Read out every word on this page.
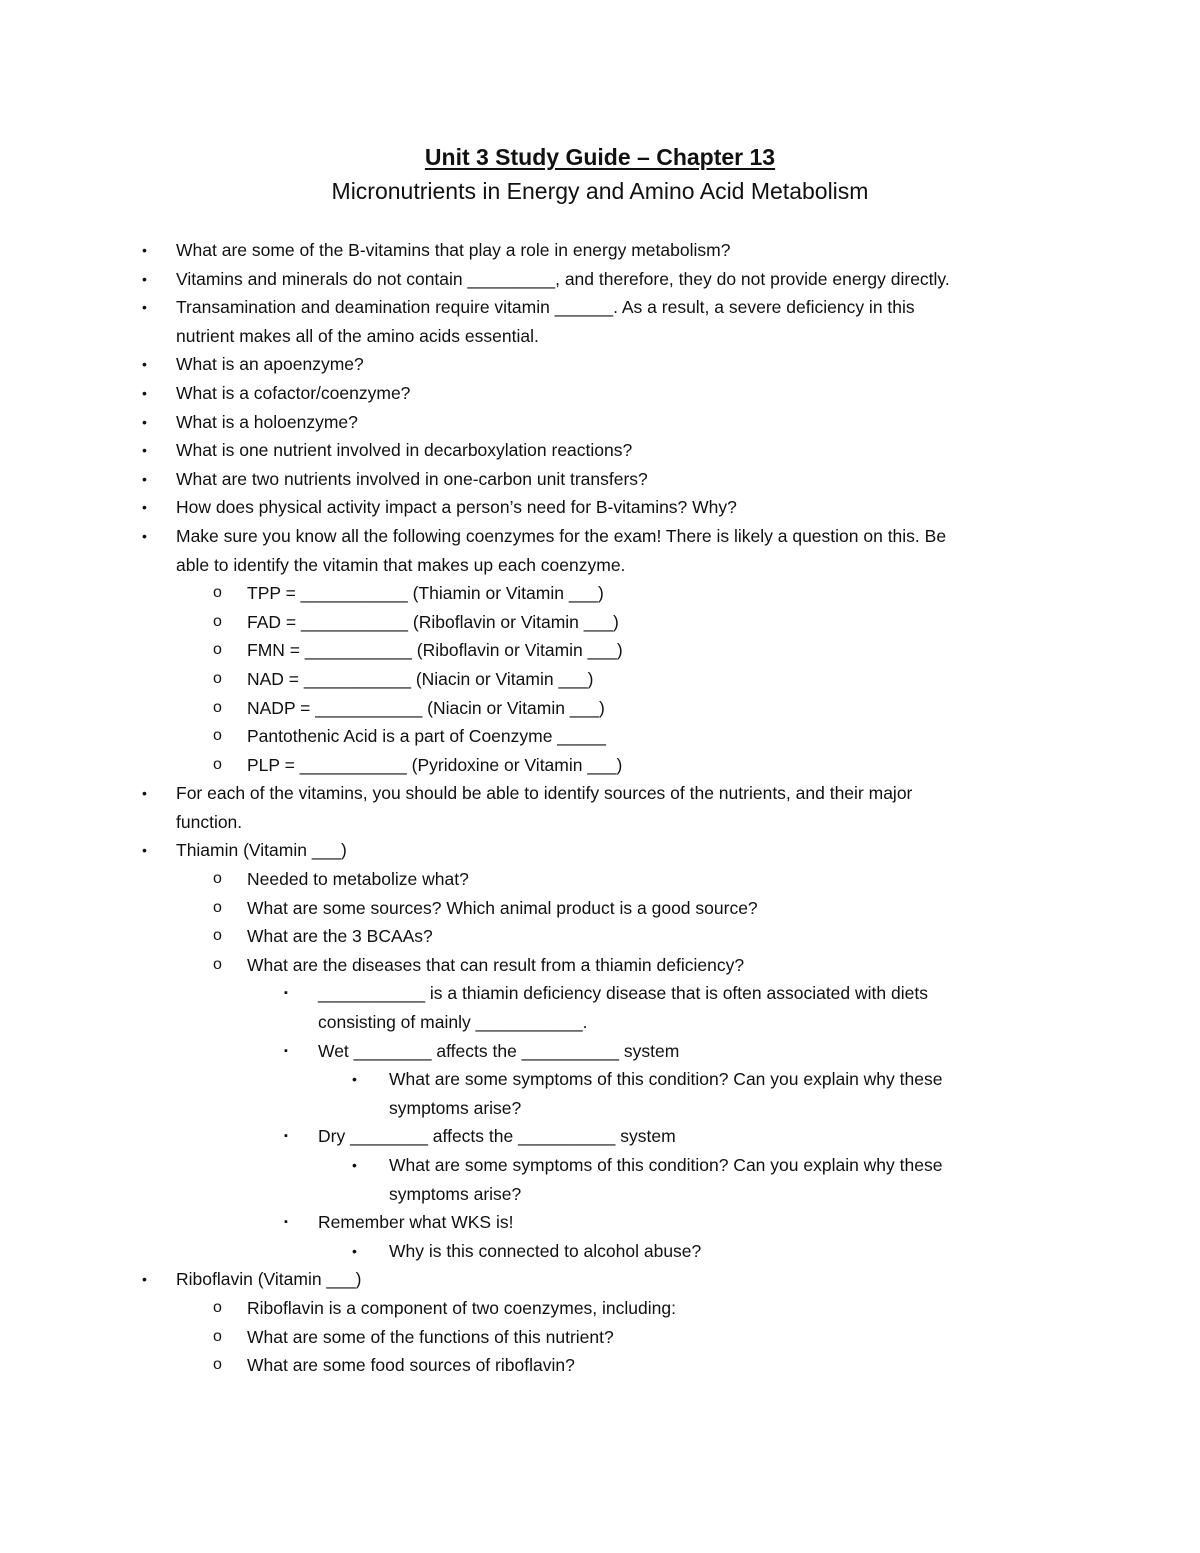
Unit 3 Study Guide – Chapter 13
Micronutrients in Energy and Amino Acid Metabolism
• What are some of the B-vitamins that play a role in energy metabolism?
• Vitamins and minerals do not contain _________, and therefore, they do not provide energy directly.
• Transamination and deamination require vitamin ______. As a result, a severe deficiency in this
nutrient makes all of the amino acids essential.
• What is an apoenzyme?
• What is a cofactor/coenzyme?
• What is a holoenzyme?
• What is one nutrient involved in decarboxylation reactions?
• What are two nutrients involved in one-carbon unit transfers?
• How does physical activity impact a person’s need for B-vitamins? Why?
• Make sure you know all the following coenzymes for the exam! There is likely a question on this. Be
able to identify the vitamin that makes up each coenzyme.
o TPP = ___________ (Thiamin or Vitamin ___)
o FAD = ___________ (Riboflavin or Vitamin ___)
o FMN = ___________ (Riboflavin or Vitamin ___)
o NAD = ___________ (Niacin or Vitamin ___)
o NADP = ___________ (Niacin or Vitamin ___)
o Pantothenic Acid is a part of Coenzyme _____
o PLP = ___________ (Pyridoxine or Vitamin ___)
• For each of the vitamins, you should be able to identify sources of the nutrients, and their major
function.
• Thiamin (Vitamin ___)
o Needed to metabolize what?
o What are some sources? Which animal product is a good source?
o What are the 3 BCAAs?
o What are the diseases that can result from a thiamin deficiency?
▪ ___________ is a thiamin deficiency disease that is often associated with diets
consisting of mainly ___________.
▪ Wet ________ affects the __________ system
• What are some symptoms of this condition? Can you explain why these
symptoms arise?
▪ Dry ________ affects the __________ system
• What are some symptoms of this condition? Can you explain why these
symptoms arise?
▪ Remember what WKS is!
• Why is this connected to alcohol abuse?
• Riboflavin (Vitamin ___)
o Riboflavin is a component of two coenzymes, including:
o What are some of the functions of this nutrient?
o What are some food sources of riboflavin?
